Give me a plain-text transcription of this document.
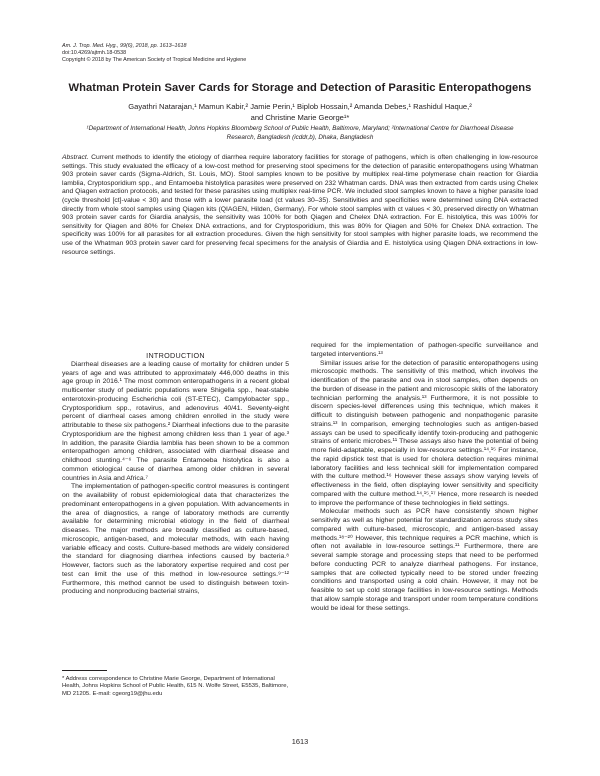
Am. J. Trop. Med. Hyg., 99(6), 2018, pp. 1613–1618
doi:10.4269/ajtmh.18-0538
Copyright © 2018 by The American Society of Tropical Medicine and Hygiene
Whatman Protein Saver Cards for Storage and Detection of Parasitic Enteropathogens
Gayathri Natarajan,¹ Mamun Kabir,² Jamie Perin,¹ Biplob Hossain,² Amanda Debes,¹ Rashidul Haque,²
and Christine Marie George¹*
¹Department of International Health, Johns Hopkins Bloomberg School of Public Health, Baltimore, Maryland; ²International Centre for Diarrhoeal Disease Research, Bangladesh (icddr,b), Dhaka, Bangladesh
Abstract. Current methods to identify the etiology of diarrhea require laboratory facilities for storage of pathogens, which is often challenging in low-resource settings. This study evaluated the efficacy of a low-cost method for preserving stool specimens for the detection of parasitic enteropathogens using Whatman 903 protein saver cards (Sigma-Aldrich, St. Louis, MO). Stool samples known to be positive by multiplex real-time polymerase chain reaction for Giardia lamblia, Cryptosporidium spp., and Entamoeba histolytica parasites were preserved on 232 Whatman cards. DNA was then extracted from cards using Chelex and Qiagen extraction protocols, and tested for these parasites using multiplex real-time PCR. We included stool samples known to have a higher parasite load (cycle threshold [ct]-value < 30) and those with a lower parasite load (ct values 30–35). Sensitivities and specificities were determined using DNA extracted directly from whole stool samples using Qiagen kits (QIAGEN, Hilden, Germany). For whole stool samples with ct values < 30, preserved directly on Whatman 903 protein saver cards for Giardia analysis, the sensitivity was 100% for both Qiagen and Chelex DNA extraction. For E. histolytica, this was 100% for sensitivity for Qiagen and 80% for Chelex DNA extractions, and for Cryptosporidium, this was 80% for Qiagen and 50% for Chelex DNA extraction. The specificity was 100% for all parasites for all extraction procedures. Given the high sensitivity for stool samples with higher parasite loads, we recommend the use of the Whatman 903 protein saver card for preserving fecal specimens for the analysis of Giardia and E. histolytica using Qiagen DNA extractions in low-resource settings.

INTRODUCTION

Diarrheal diseases are a leading cause of mortality for children under 5 years of age and was attributed to approximately 446,000 deaths in this age group in 2016.¹ The most common enteropathogens in a recent global multicenter study of pediatric populations were Shigella spp., heat-stable enterotoxin-producing Escherichia coli (ST-ETEC), Campylobacter spp., Cryptosporidium spp., rotavirus, and adenovirus 40/41. Seventy-eight percent of diarrheal cases among children enrolled in the study were attributable to these six pathogens.² Diarrheal infections due to the parasite Cryptosporidium are the highest among children less than 1 year of age.³ In addition, the parasite Giardia lamblia has been shown to be a common enteropathogen among children, associated with diarrheal disease and childhood stunting.⁴⁻⁶ The parasite Entamoeba histolytica is also a common etiological cause of diarrhea among older children in several countries in Asia and Africa.⁷

The implementation of pathogen-specific control measures is contingent on the availability of robust epidemiological data that characterizes the predominant enteropathogens in a given population. With advancements in the area of diagnostics, a range of laboratory methods are currently available for determining microbial etiology in the field of diarrheal diseases. The major methods are broadly classified as culture-based, microscopic, antigen-based, and molecular methods, with each having variable efficacy and costs. Culture-based methods are widely considered the standard for diagnosing diarrhea infections caused by bacteria.⁸ However, factors such as the laboratory expertise required and cost per test can limit the use of this method in low-resource settings.⁹⁻¹² Furthermore, this method cannot be used to distinguish between toxin-producing and nonproducing bacterial strains,

required for the implementation of pathogen-specific surveillance and targeted interventions.¹³

Similar issues arise for the detection of parasitic enteropathogens using microscopic methods. The sensitivity of this method, which involves the identification of the parasite and ova in stool samples, often depends on the burden of disease in the patient and microscopic skills of the laboratory technician performing the analysis.¹³ Furthermore, it is not possible to discern species-level differences using this technique, which makes it difficult to distinguish between pathogenic and nonpathogenic parasite strains.¹³ In comparison, emerging technologies such as antigen-based assays can be used to specifically identify toxin-producing and pathogenic strains of enteric microbes.¹¹ These assays also have the potential of being more field-adaptable, especially in low-resource settings.¹⁴,¹⁵ For instance, the rapid dipstick test that is used for cholera detection requires minimal laboratory facilities and less technical skill for implementation compared with the culture method.¹⁶ However these assays show varying levels of effectiveness in the field, often displaying lower sensitivity and specificity compared with the culture method.¹⁴,¹⁵,¹⁷ Hence, more research is needed to improve the performance of these technologies in field settings.

Molecular methods such as PCR have consistently shown higher sensitivity as well as higher potential for standardization across study sites compared with culture-based, microscopic, and antigen-based assay methods.¹⁸⁻²⁰ However, this technique requires a PCR machine, which is often not available in low-resource settings.¹¹ Furthermore, there are several sample storage and processing steps that need to be performed before conducting PCR to analyze diarrheal pathogens. For instance, samples that are collected typically need to be stored under freezing conditions and transported using a cold chain. However, it may not be feasible to set up cold storage facilities in low-resource settings. Methods that allow sample storage and transport under room temperature conditions would be ideal for these settings.

* Address correspondence to Christine Marie George, Department of International Health, Johns Hopkins School of Public Health, 615 N. Wolfe Street, E5535, Baltimore, MD 21205. E-mail: cgeorg19@jhu.edu
1613
